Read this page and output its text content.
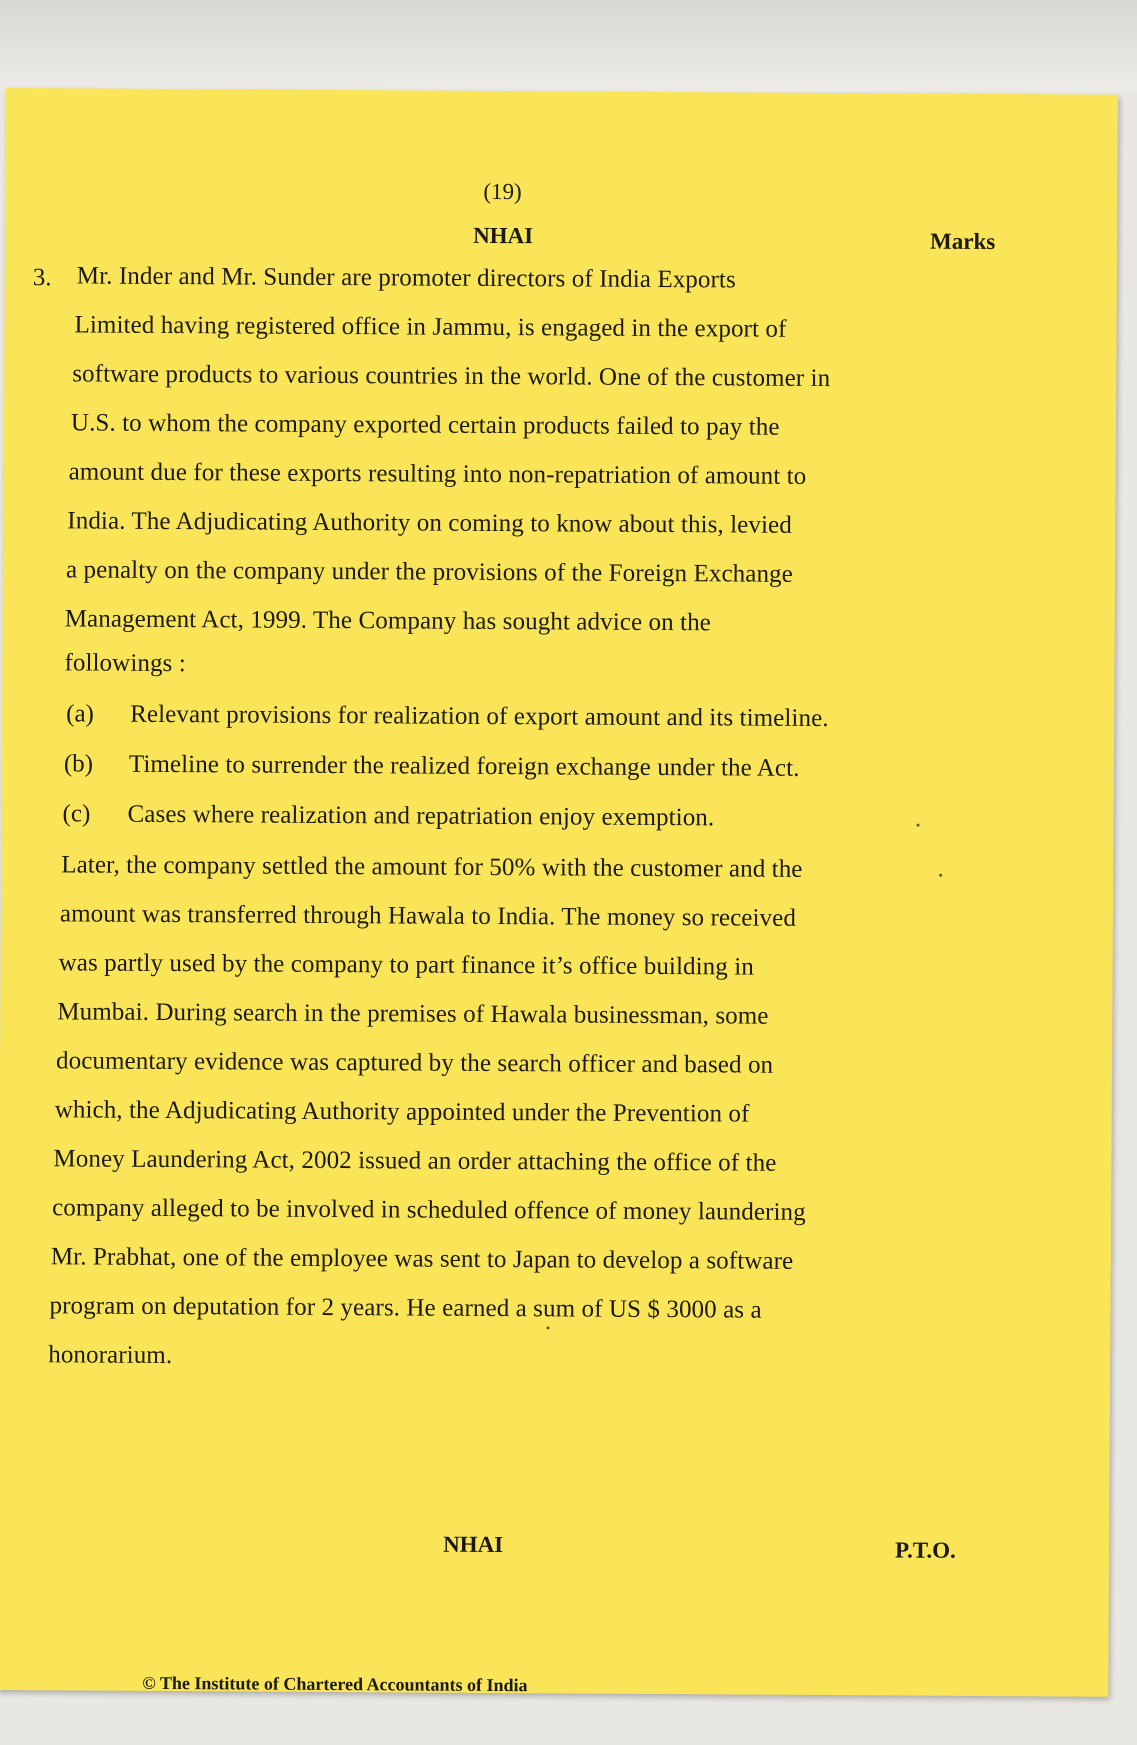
(19)
NHAI	Marks
3. Mr. Inder and Mr. Sunder are promoter directors of India Exports
Limited having registered office in Jammu, is engaged in the export of
software products to various countries in the world. One of the customer in
U.S. to whom the company exported certain products failed to pay the
amount due for these exports resulting into non-repatriation of amount to
India. The Adjudicating Authority on coming to know about this, levied
a penalty on the company under the provisions of the Foreign Exchange
Management Act, 1999. The Company has sought advice on the
followings :
(a) Relevant provisions for realization of export amount and its timeline.
(b) Timeline to surrender the realized foreign exchange under the Act.
(c) Cases where realization and repatriation enjoy exemption.
Later, the company settled the amount for 50% with the customer and the
amount was transferred through Hawala to India. The money so received
was partly used by the company to part finance it’s office building in
Mumbai. During search in the premises of Hawala businessman, some
documentary evidence was captured by the search officer and based on
which, the Adjudicating Authority appointed under the Prevention of
Money Laundering Act, 2002 issued an order attaching the office of the
company alleged to be involved in scheduled offence of money laundering
Mr. Prabhat, one of the employee was sent to Japan to develop a software
program on deputation for 2 years. He earned a sum of US $ 3000 as a
honorarium.
NHAI	P.T.O.
© The Institute of Chartered Accountants of India
